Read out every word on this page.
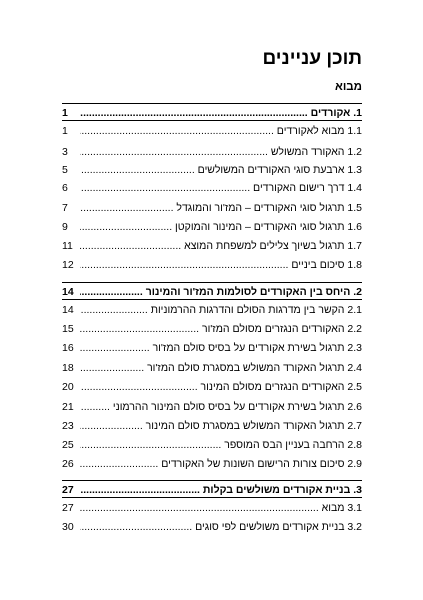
תוכן עניינים
מבוא
1	1. אקורדים .....
1	1.1 מבוא לאקורדים .....
3	1.2 האקורד המשולש .....
5	1.3 ארבעת סוגי האקורדים המשולשים .....
6	1.4 דרך רישום האקורדים .....
7	1.5 תרגול סוגי האקורדים – המז'ור והמוגדל .....
9	1.6 תרגול סוגי האקורדים – המינור והמוקטן .....
11	1.7 תרגול בשיוך צלילים למשפחת המוצא .....
12	1.8 סיכום ביניים .....
14	2. היחס בין האקורדים לסולמות המז'ור והמינור .....
14	2.1 הקשר בין מדרגות הסולם והדרגות ההרמוניות .....
15	2.2 האקורדים הנגזרים מסולם המז'ור .....
16	2.3 תרגול בשירת אקורדים על בסיס סולם המז'ור .....
18	2.4 תרגול האקורד המשולש במסגרת סולם המז'ור .....
20	2.5 האקורדים הנגזרים מסולם המינור .....
21	2.6 תרגול בשירת אקורדים על בסיס סולם המינור ההרמוני .....
23	2.7 תרגול האקורד המשולש במסגרת סולם המינור .....
25	2.8 הרחבה בעניין הבס המוספר .....
26	2.9 סיכום צורות הרישום השונות של האקורדים .....
27	3. בניית אקורדים משולשים בקלות .....
27	3.1 מבוא .....
30	3.2 בניית אקורדים משולשים לפי סוגים .....
